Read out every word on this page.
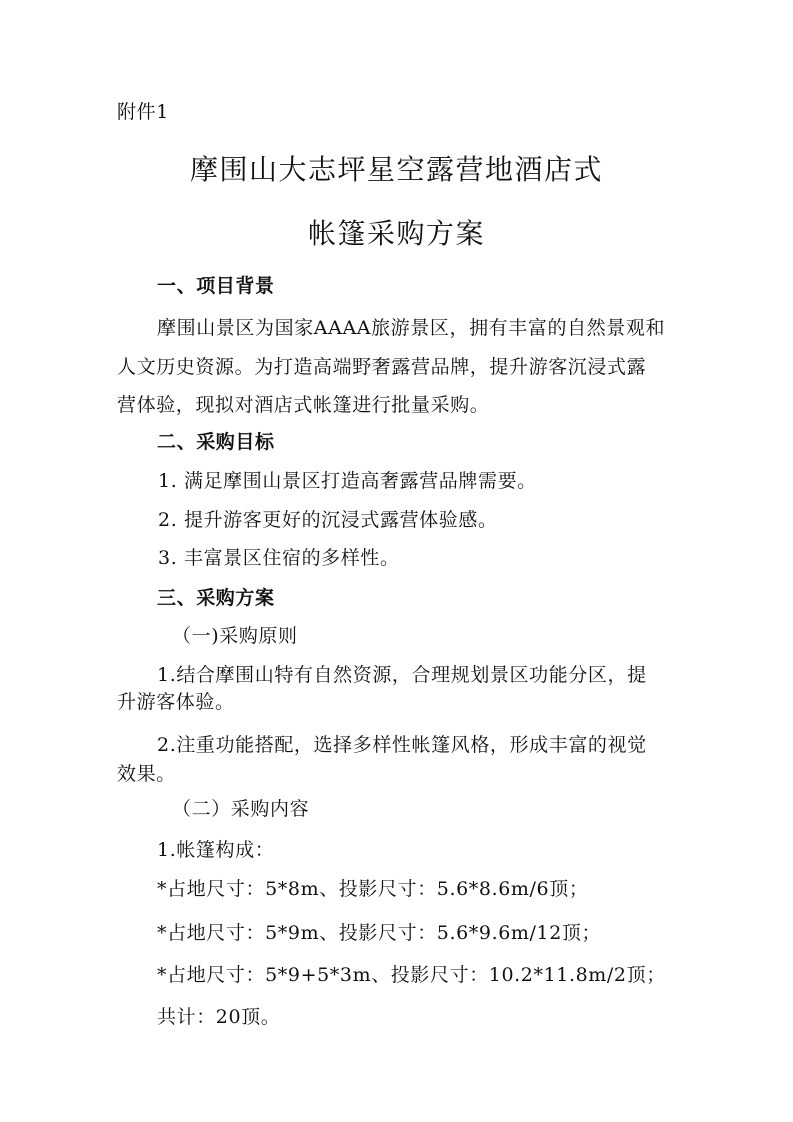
附件1
摩围山大志坪星空露营地酒店式
帐篷采购方案
一、项目背景
摩围山景区为国家AAAA旅游景区，拥有丰富的自然景观和
人文历史资源。为打造高端野奢露营品牌，提升游客沉浸式露
营体验，现拟对酒店式帐篷进行批量采购。
二、采购目标
1. 满足摩围山景区打造高奢露营品牌需要。
2. 提升游客更好的沉浸式露营体验感。
3. 丰富景区住宿的多样性。
三、采购方案
（一)采购原则
1.结合摩围山特有自然资源，合理规划景区功能分区，提
升游客体验。
2.注重功能搭配，选择多样性帐篷风格，形成丰富的视觉
效果。
（二）采购内容
1.帐篷构成：
*占地尺寸：5*8m、投影尺寸：5.6*8.6m/6顶；
*占地尺寸：5*9m、投影尺寸：5.6*9.6m/12顶；
*占地尺寸：5*9+5*3m、投影尺寸：10.2*11.8m/2顶；
共计：20顶。
